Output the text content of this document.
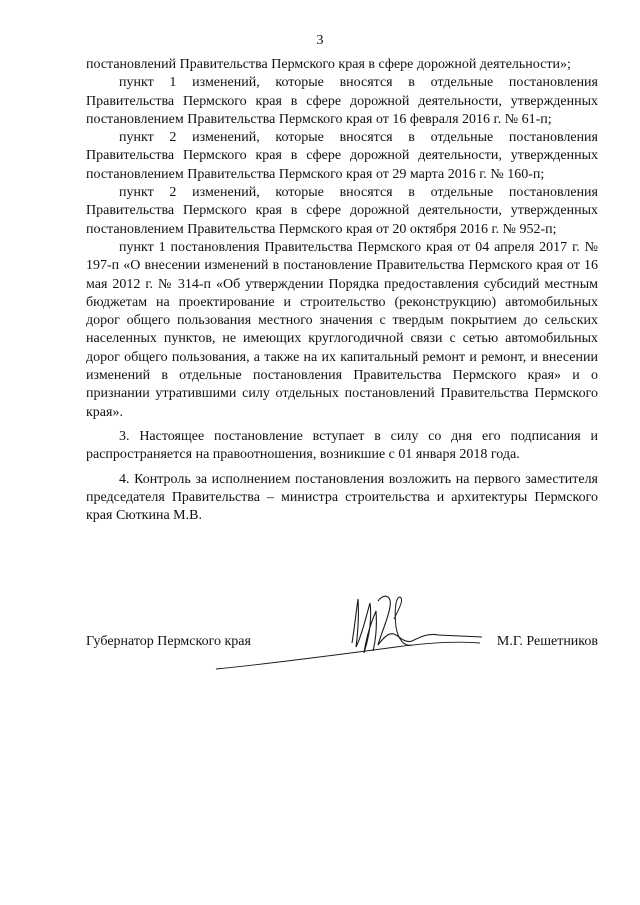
3

постановлений Правительства Пермского края в сфере дорожной деятельности»;

пункт 1 изменений, которые вносятся в отдельные постановления Правительства Пермского края в сфере дорожной деятельности, утвержденных постановлением Правительства Пермского края от 16 февраля 2016 г. № 61-п;

пункт 2 изменений, которые вносятся в отдельные постановления Правительства Пермского края в сфере дорожной деятельности, утвержденных постановлением Правительства Пермского края от 29 марта 2016 г. № 160-п;

пункт 2 изменений, которые вносятся в отдельные постановления Правительства Пермского края в сфере дорожной деятельности, утвержденных постановлением Правительства Пермского края от 20 октября 2016 г. № 952-п;

пункт 1 постановления Правительства Пермского края от 04 апреля 2017 г. № 197-п «О внесении изменений в постановление Правительства Пермского края от 16 мая 2012 г. № 314-п «Об утверждении Порядка предоставления субсидий местным бюджетам на проектирование и строительство (реконструкцию) автомобильных дорог общего пользования местного значения с твердым покрытием до сельских населенных пунктов, не имеющих круглогодичной связи с сетью автомобильных дорог общего пользования, а также на их капитальный ремонт и ремонт, и внесении изменений в отдельные постановления Правительства Пермского края» и о признании утратившими силу отдельных постановлений Правительства Пермского края».

3. Настоящее постановление вступает в силу со дня его подписания и распространяется на правоотношения, возникшие с 01 января 2018 года.

4. Контроль за исполнением постановления возложить на первого заместителя председателя Правительства – министра строительства и архитектуры Пермского края Сюткина М.В.

Губернатор Пермского края	М.Г. Решетников
